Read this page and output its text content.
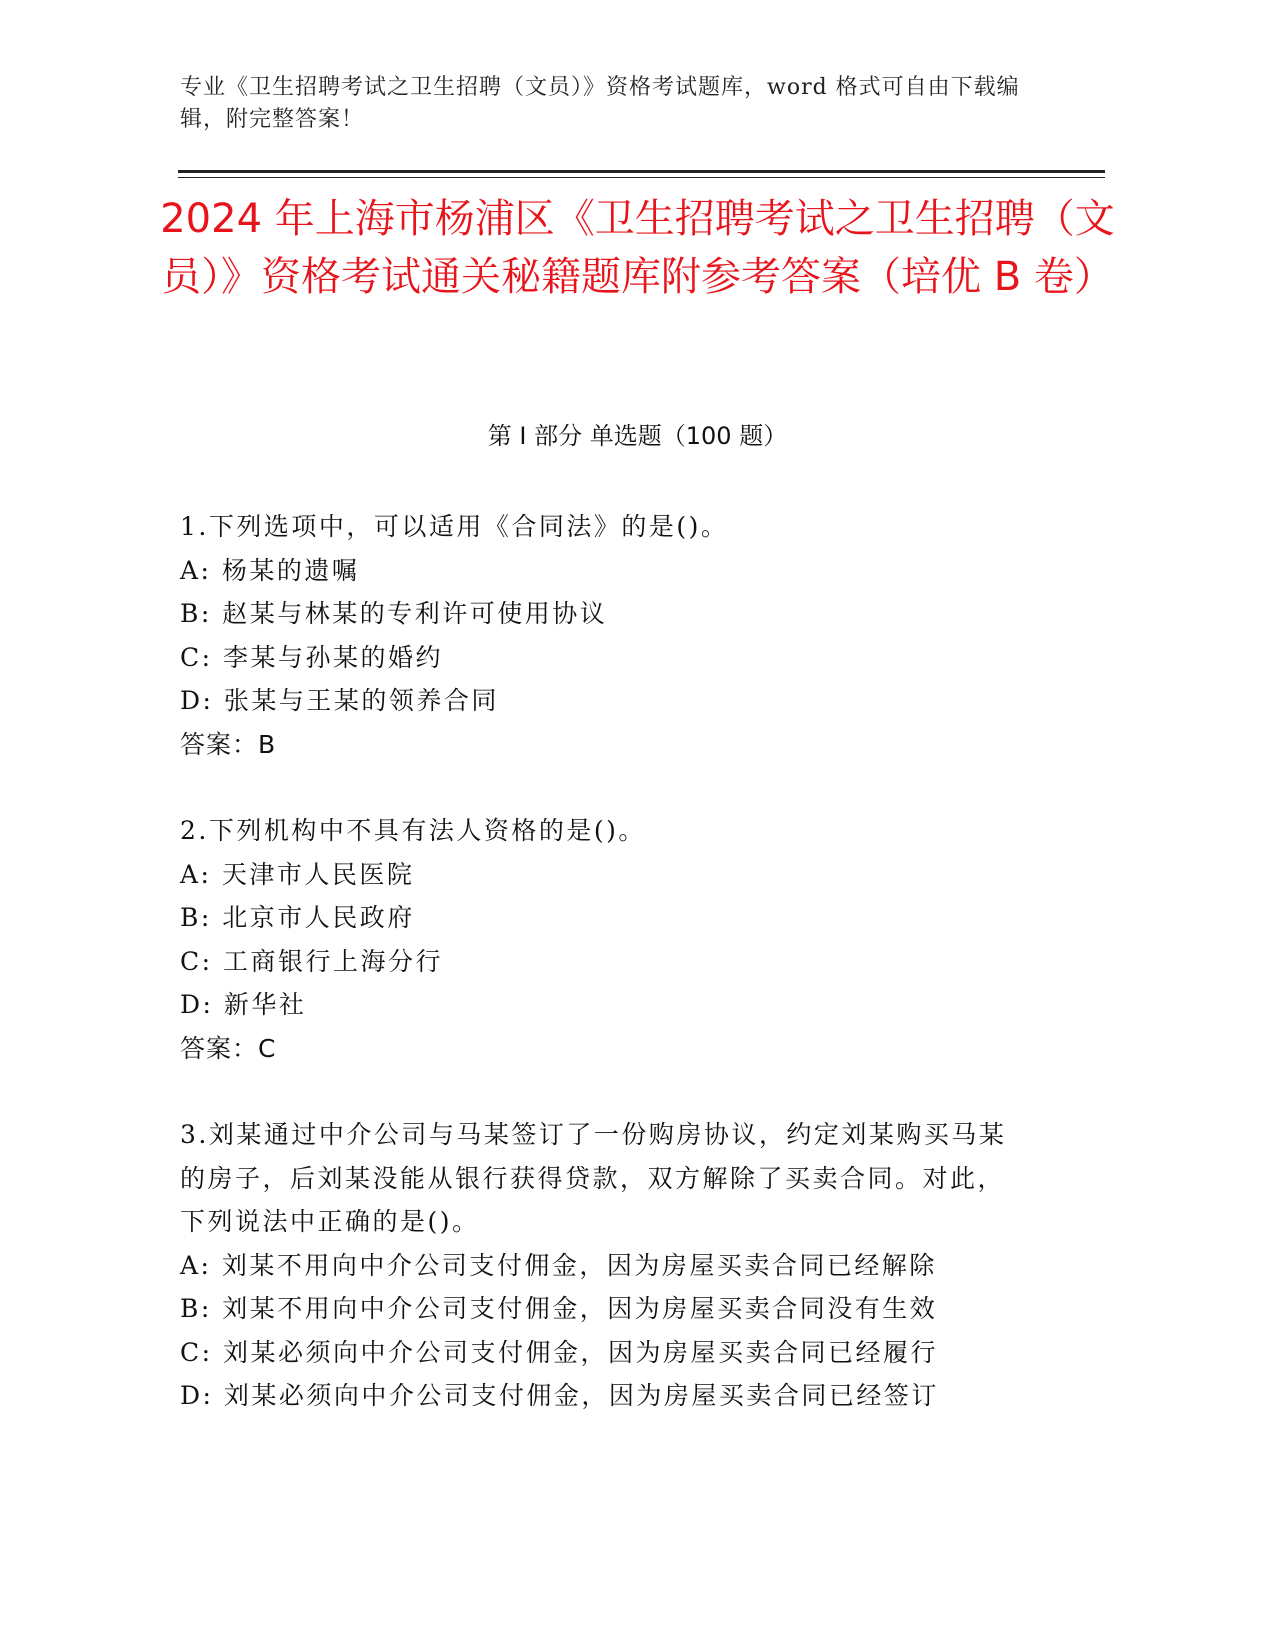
专业《卫生招聘考试之卫生招聘（文员）》资格考试题库，word 格式可自由下载编辑，附完整答案！
2024 年上海市杨浦区《卫生招聘考试之卫生招聘（文员）》资格考试通关秘籍题库附参考答案（培优 B 卷）
第 I 部分 单选题（100 题）
1.下列选项中，可以适用《合同法》的是()。
A: 杨某的遗嘱
B: 赵某与林某的专利许可使用协议
C: 李某与孙某的婚约
D: 张某与王某的领养合同
答案：B
2.下列机构中不具有法人资格的是()。
A: 天津市人民医院
B: 北京市人民政府
C: 工商银行上海分行
D: 新华社
答案：C
3.刘某通过中介公司与马某签订了一份购房协议，约定刘某购买马某的房子，后刘某没能从银行获得贷款，双方解除了买卖合同。对此，下列说法中正确的是()。
A: 刘某不用向中介公司支付佣金，因为房屋买卖合同已经解除
B: 刘某不用向中介公司支付佣金，因为房屋买卖合同没有生效
C: 刘某必须向中介公司支付佣金，因为房屋买卖合同已经履行
D: 刘某必须向中介公司支付佣金，因为房屋买卖合同已经签订
